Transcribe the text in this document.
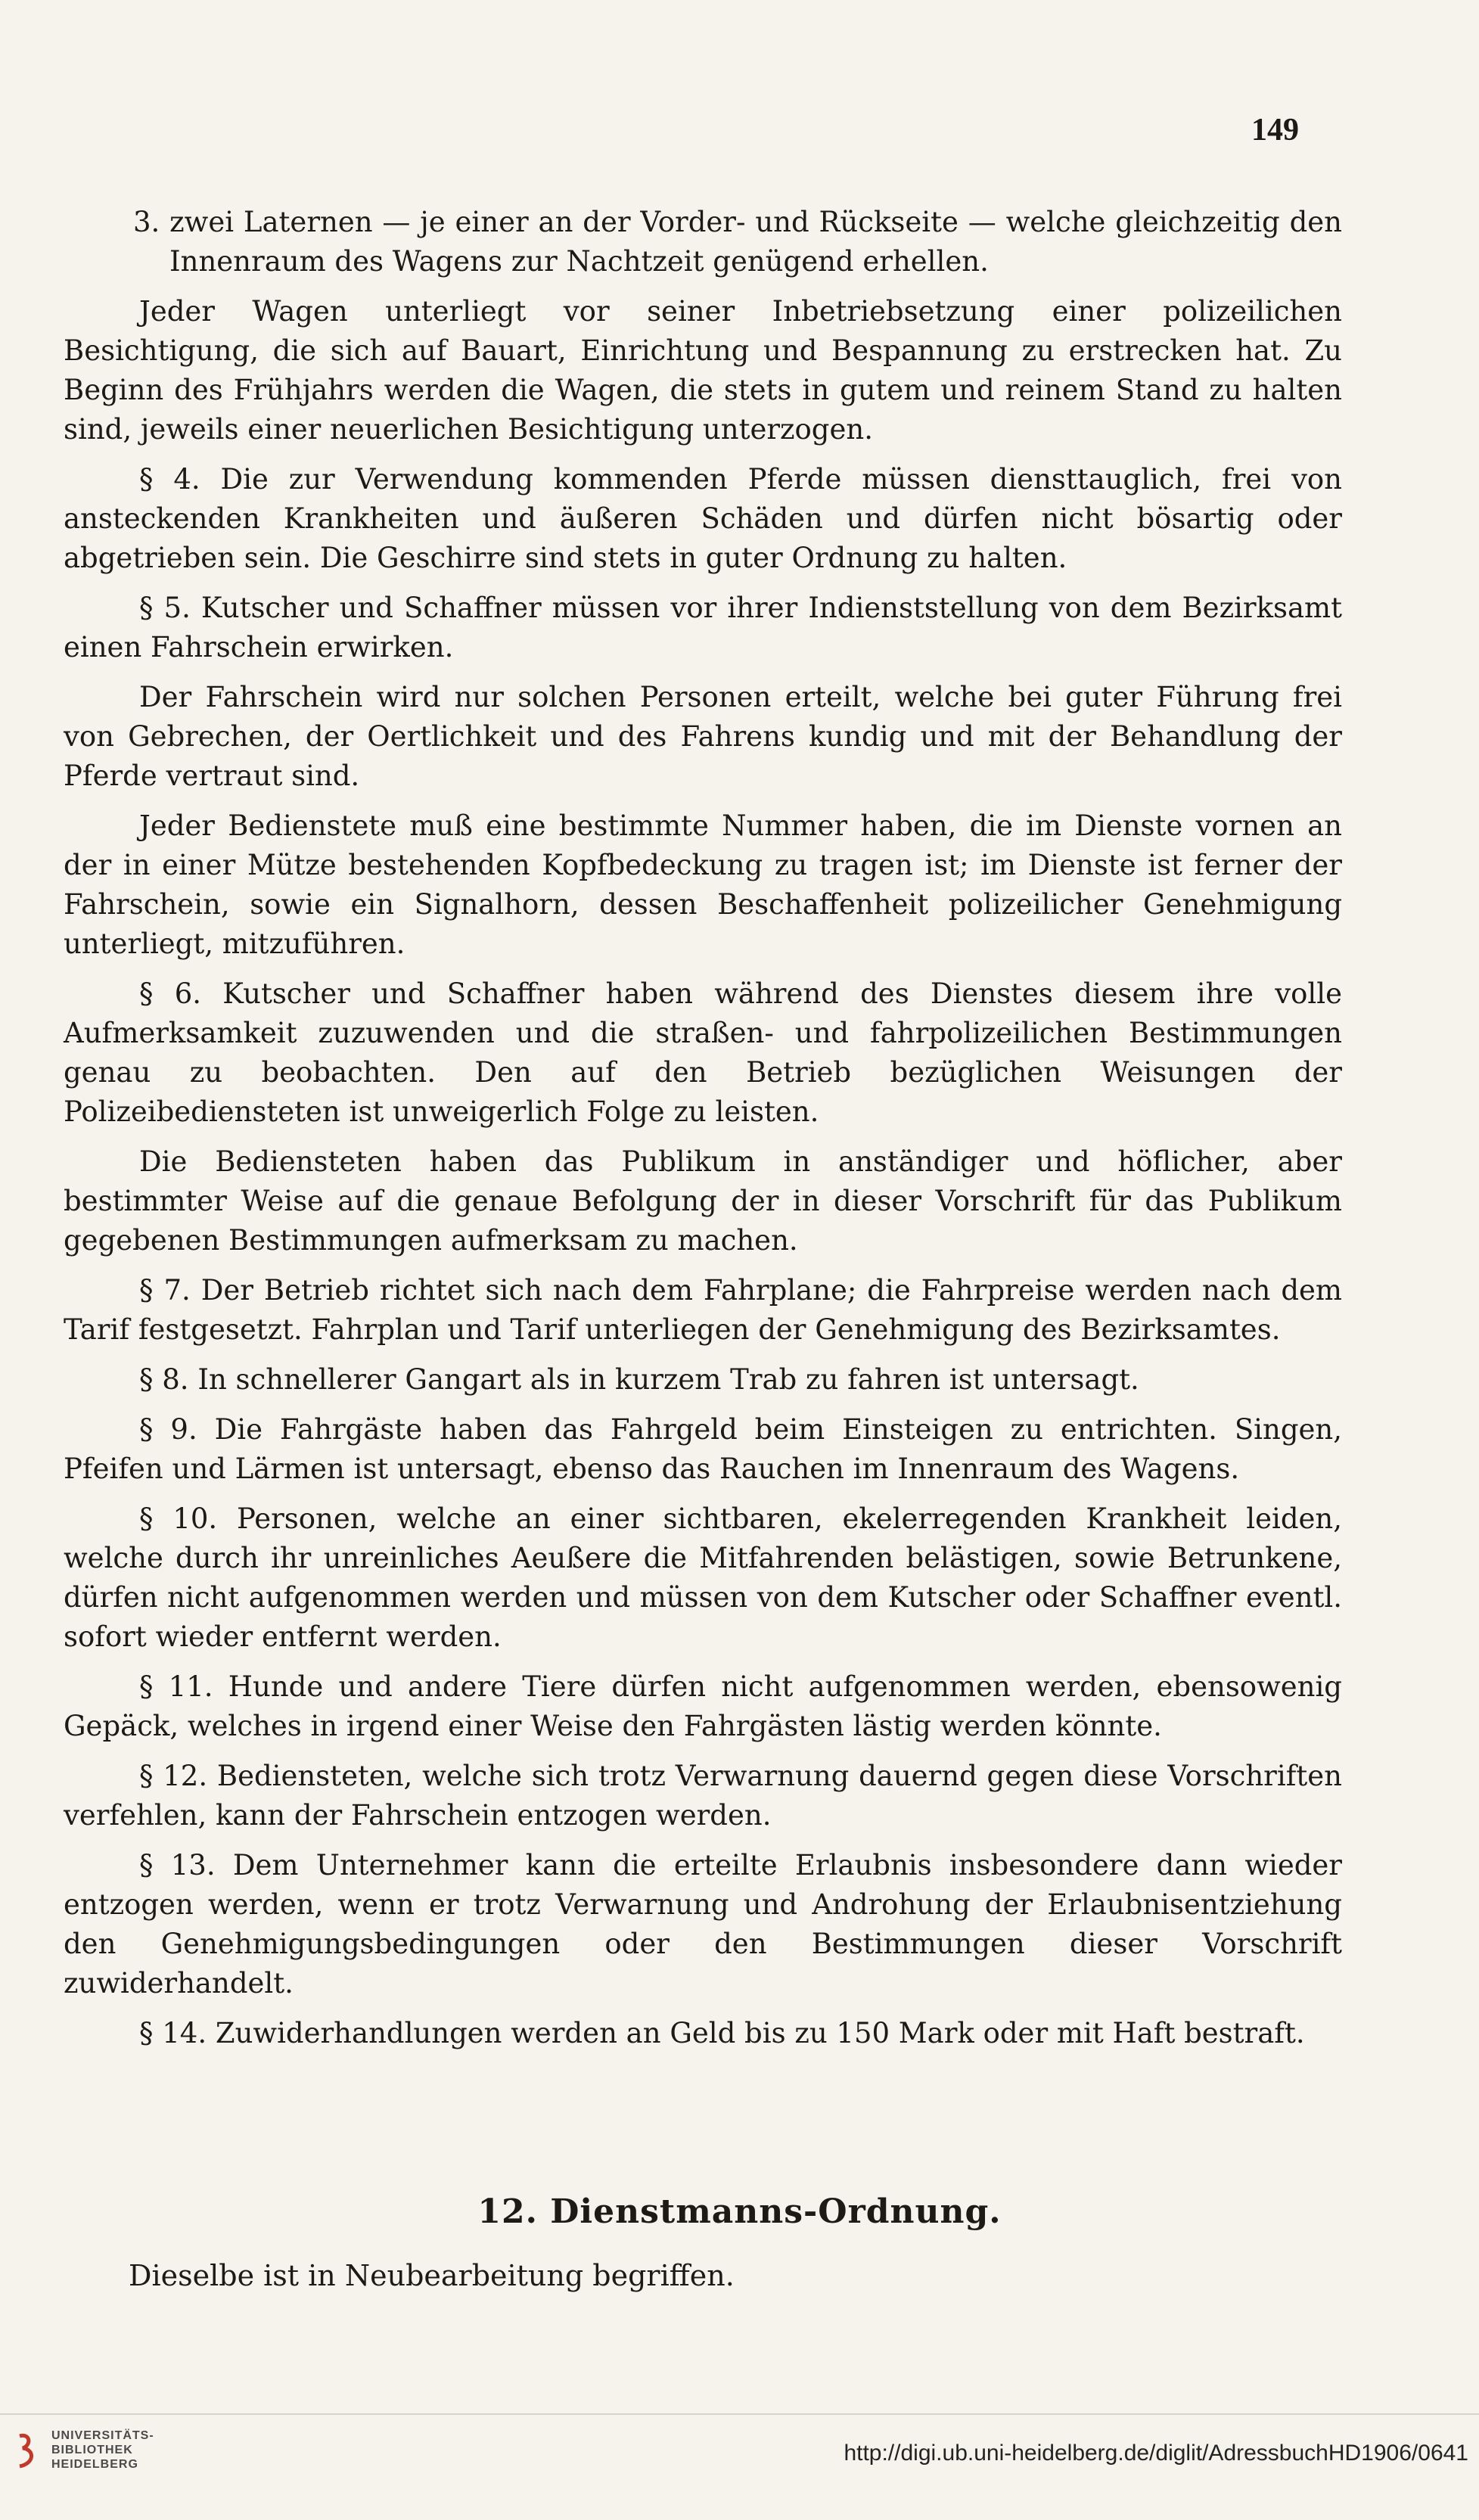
149

3. zwei Laternen — je einer an der Vorder- und Rückseite — welche gleichzeitig den Innenraum des Wagens zur Nachtzeit genügend erhellen.

Jeder Wagen unterliegt vor seiner Inbetriebsetzung einer polizeilichen Besichtigung, die sich auf Bauart, Einrichtung und Bespannung zu erstrecken hat. Zu Beginn des Frühjahrs werden die Wagen, die stets in gutem und reinem Stand zu halten sind, jeweils einer neuerlichen Besichtigung unterzogen.

§ 4. Die zur Verwendung kommenden Pferde müssen diensttauglich, frei von ansteckenden Krankheiten und äußeren Schäden und dürfen nicht bösartig oder abgetrieben sein. Die Geschirre sind stets in guter Ordnung zu halten.

§ 5. Kutscher und Schaffner müssen vor ihrer Indienststellung von dem Bezirksamt einen Fahrschein erwirken.

Der Fahrschein wird nur solchen Personen erteilt, welche bei guter Führung frei von Gebrechen, der Oertlichkeit und des Fahrens kundig und mit der Behandlung der Pferde vertraut sind.

Jeder Bedienstete muß eine bestimmte Nummer haben, die im Dienste vornen an der in einer Mütze bestehenden Kopfbedeckung zu tragen ist; im Dienste ist ferner der Fahrschein, sowie ein Signalhorn, dessen Beschaffenheit polizeilicher Genehmigung unterliegt, mitzuführen.

§ 6. Kutscher und Schaffner haben während des Dienstes diesem ihre volle Aufmerksamkeit zuzuwenden und die straßen- und fahrpolizeilichen Bestimmungen genau zu beobachten. Den auf den Betrieb bezüglichen Weisungen der Polizeibediensteten ist unweigerlich Folge zu leisten.

Die Bediensteten haben das Publikum in anständiger und höflicher, aber bestimmter Weise auf die genaue Befolgung der in dieser Vorschrift für das Publikum gegebenen Bestimmungen aufmerksam zu machen.

§ 7. Der Betrieb richtet sich nach dem Fahrplane; die Fahrpreise werden nach dem Tarif festgesetzt. Fahrplan und Tarif unterliegen der Genehmigung des Bezirksamtes.

§ 8. In schnellerer Gangart als in kurzem Trab zu fahren ist untersagt.

§ 9. Die Fahrgäste haben das Fahrgeld beim Einsteigen zu entrichten. Singen, Pfeifen und Lärmen ist untersagt, ebenso das Rauchen im Innenraum des Wagens.

§ 10. Personen, welche an einer sichtbaren, ekelerregenden Krankheit leiden, welche durch ihr unreinliches Aeußere die Mitfahrenden belästigen, sowie Betrunkene, dürfen nicht aufgenommen werden und müssen von dem Kutscher oder Schaffner eventl. sofort wieder entfernt werden.

§ 11. Hunde und andere Tiere dürfen nicht aufgenommen werden, ebensowenig Gepäck, welches in irgend einer Weise den Fahrgästen lästig werden könnte.

§ 12. Bediensteten, welche sich trotz Verwarnung dauernd gegen diese Vorschriften verfehlen, kann der Fahrschein entzogen werden.

§ 13. Dem Unternehmer kann die erteilte Erlaubnis insbesondere dann wieder entzogen werden, wenn er trotz Verwarnung und Androhung der Erlaubnisentziehung den Genehmigungsbedingungen oder den Bestimmungen dieser Vorschrift zuwiderhandelt.

§ 14. Zuwiderhandlungen werden an Geld bis zu 150 Mark oder mit Haft bestraft.

12. Dienstmanns-Ordnung.
Dieselbe ist in Neubearbeitung begriffen.
UNIVERSITÄTS-
BIBLIOTHEK
HEIDELBERG	http://digi.ub.uni-heidelberg.de/diglit/AdressbuchHD1906/0641
